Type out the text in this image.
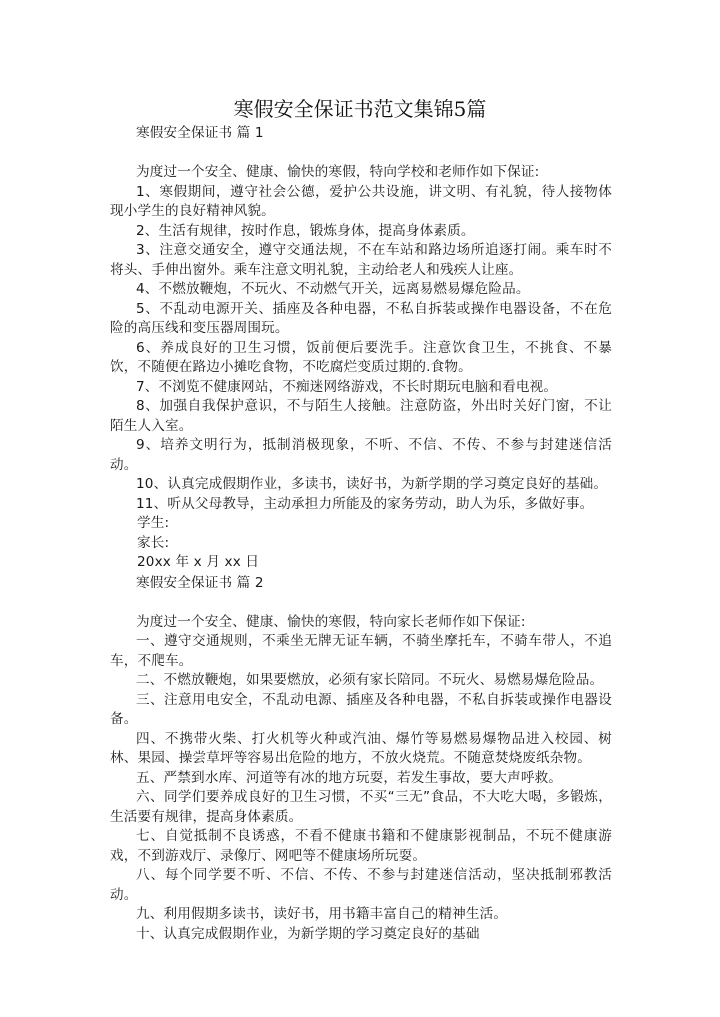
寒假安全保证书范文集锦5篇

寒假安全保证书 篇 1

为度过一个安全、健康、愉快的寒假，特向学校和老师作如下保证:

1、寒假期间，遵守社会公德，爱护公共设施，讲文明、有礼貌，待人接物体现小学生的良好精神风貌。

2、生活有规律，按时作息，锻炼身体，提高身体素质。

3、注意交通安全，遵守交通法规，不在车站和路边场所追逐打闹。乘车时不将头、手伸出窗外。乘车注意文明礼貌，主动给老人和残疾人让座。

4、不燃放鞭炮，不玩火、不动燃气开关，远离易燃易爆危险品。

5、不乱动电源开关、插座及各种电器，不私自拆装或操作电器设备，不在危险的高压线和变压器周围玩。

6、养成良好的卫生习惯，饭前便后要洗手。注意饮食卫生，不挑食、不暴饮，不随便在路边小摊吃食物，不吃腐烂变质过期的.食物。

7、不浏览不健康网站，不痴迷网络游戏，不长时期玩电脑和看电视。

8、加强自我保护意识，不与陌生人接触。注意防盗，外出时关好门窗，不让陌生人入室。

9、培养文明行为，抵制消极现象，不听、不信、不传、不参与封建迷信活动。

10、认真完成假期作业，多读书，读好书，为新学期的学习奠定良好的基础。

11、听从父母教导，主动承担力所能及的家务劳动，助人为乐，多做好事。

学生:

家长:

20xx 年 x 月 xx 日

寒假安全保证书 篇 2

为度过一个安全、健康、愉快的寒假，特向家长老师作如下保证:

一、遵守交通规则，不乘坐无牌无证车辆，不骑坐摩托车，不骑车带人，不追车，不爬车。

二、不燃放鞭炮，如果要燃放，必须有家长陪同。不玩火、易燃易爆危险品。

三、注意用电安全，不乱动电源、插座及各种电器，不私自拆装或操作电器设备。

四、不携带火柴、打火机等火种或汽油、爆竹等易燃易爆物品进入校园、树林、果园、操尝草坪等容易出危险的地方，不放火烧荒。不随意焚烧废纸杂物。

五、严禁到水库、河道等有冰的地方玩耍，若发生事故，要大声呼救。

六、同学们要养成良好的卫生习惯，不买“三无”食品，不大吃大喝，多锻炼，生活要有规律，提高身体素质。

七、自觉抵制不良诱惑，不看不健康书籍和不健康影视制品，不玩不健康游戏，不到游戏厅、录像厅、网吧等不健康场所玩耍。

八、每个同学要不听、不信、不传、不参与封建迷信活动，坚决抵制邪教活动。

九、利用假期多读书，读好书，用书籍丰富自己的精神生活。

十、认真完成假期作业，为新学期的学习奠定良好的基础
